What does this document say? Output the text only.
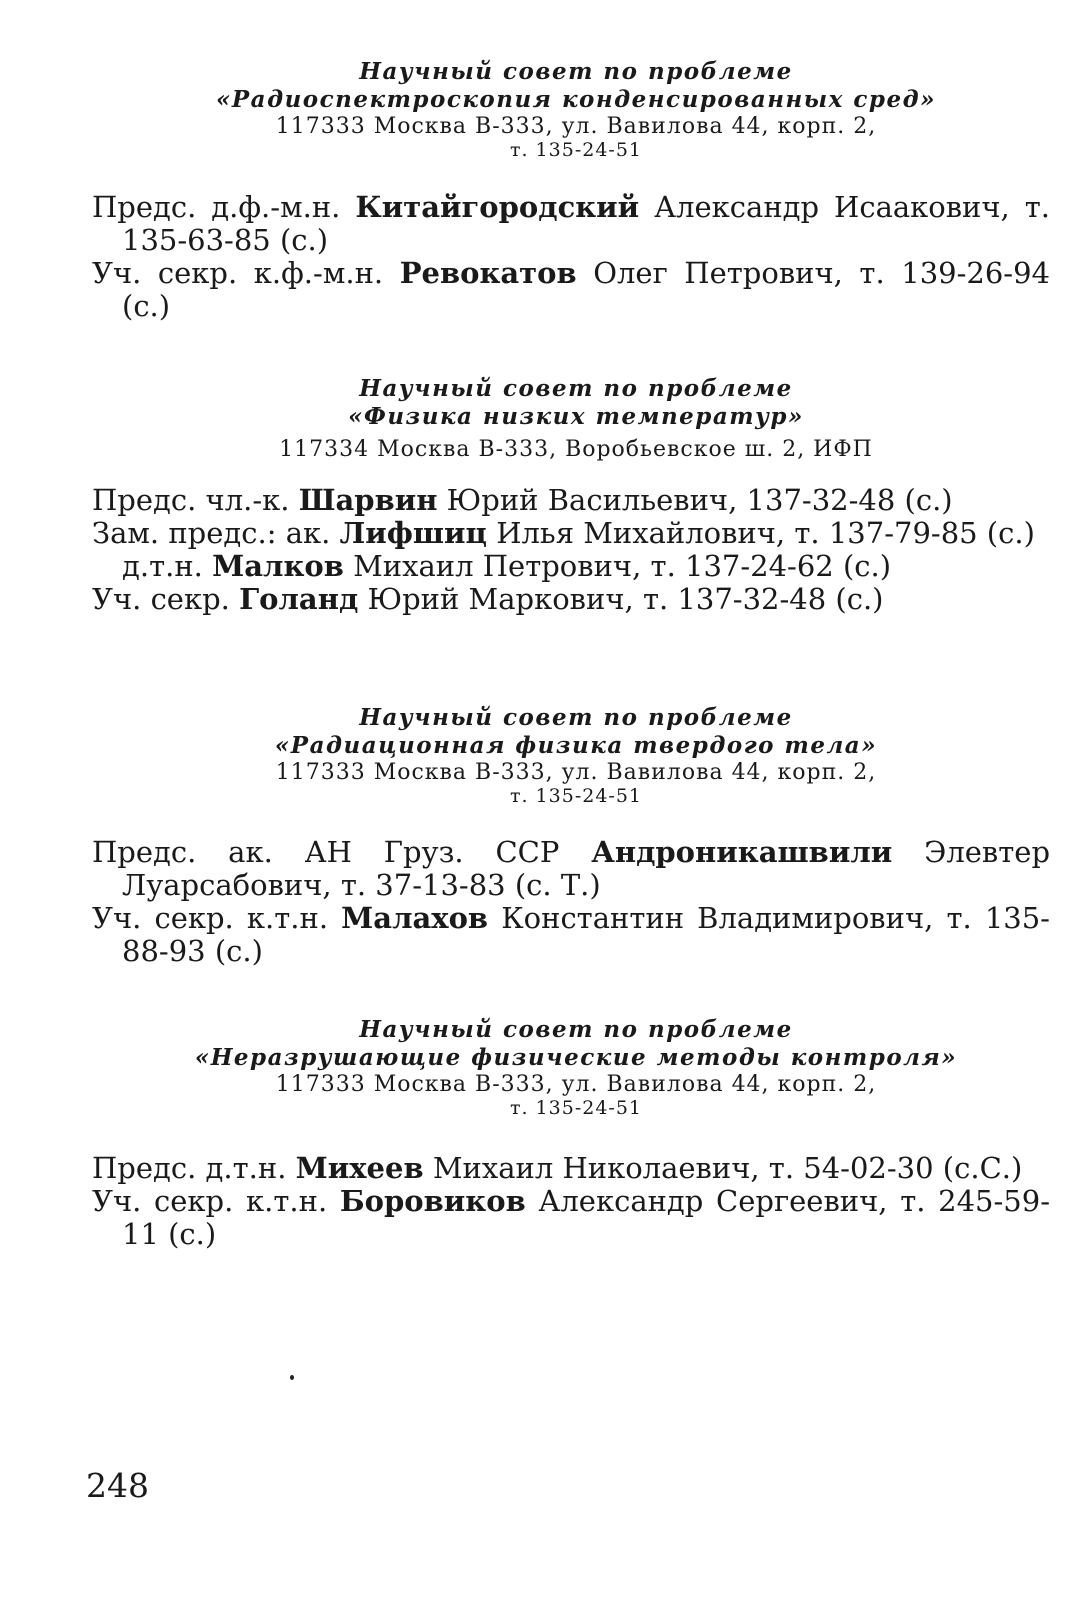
Научный совет по проблеме
«Радиоспектроскопия конденсированных сред»
117333 Москва В-333, ул. Вавилова 44, корп. 2,
т. 135-24-51

Предс. д.ф.-м.н. Китайгородский Александр Исаакович, т. 135-63-85 (с.)

Уч. секр. к.ф.-м.н. Ревокатов Олег Петрович, т. 139-26-94 (с.)

Научный совет по проблеме
«Физика низких температур»
117334 Москва В-333, Воробьевское ш. 2, ИФП

Предс. чл.-к. Шарвин Юрий Васильевич, 137-32-48 (с.)

Зам. предс.: ак. Лифшиц Илья Михайлович, т. 137-79-85 (с.)

д.т.н. Малков Михаил Петрович, т. 137-24-62 (с.)

Уч. секр. Голанд Юрий Маркович, т. 137-32-48 (с.)

Научный совет по проблеме
«Радиационная физика твердого тела»
117333 Москва В-333, ул. Вавилова 44, корп. 2,
т. 135-24-51

Предс. ак. АН Груз. ССР Андроникашвили Элевтер Луарсабович, т. 37-13-83 (с. Т.)

Уч. секр. к.т.н. Малахов Константин Владимирович, т. 135-88-93 (с.)

Научный совет по проблеме
«Неразрушающие физические методы контроля»
117333 Москва В-333, ул. Вавилова 44, корп. 2,
т. 135-24-51

Предс. д.т.н. Михеев Михаил Николаевич, т. 54-02-30 (с.С.)

Уч. секр. к.т.н. Боровиков Александр Сергеевич, т. 245-59-11 (с.)

248
